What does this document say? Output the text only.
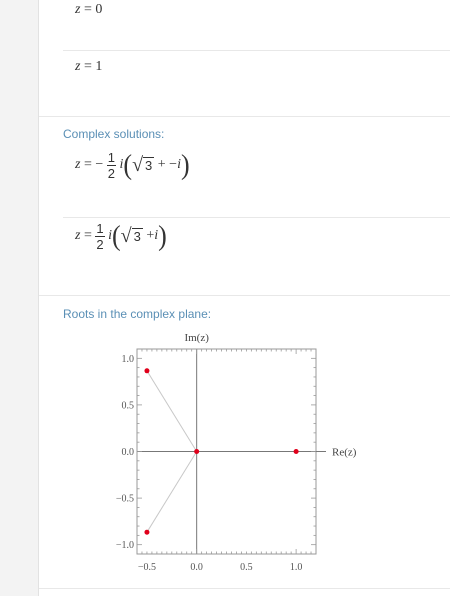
z = 0
z = 1
Complex solutions:
z = − $\frac{1}{2} i(√$ 3 + −i)
$z = \frac{1}{2} i(√$ 3 +i)
Roots in the complex plane:
−0.5	0.0	0.5	1.0
1.0
0.5
0.0
−0.5
−1.0
Im(z)
Re(z)
